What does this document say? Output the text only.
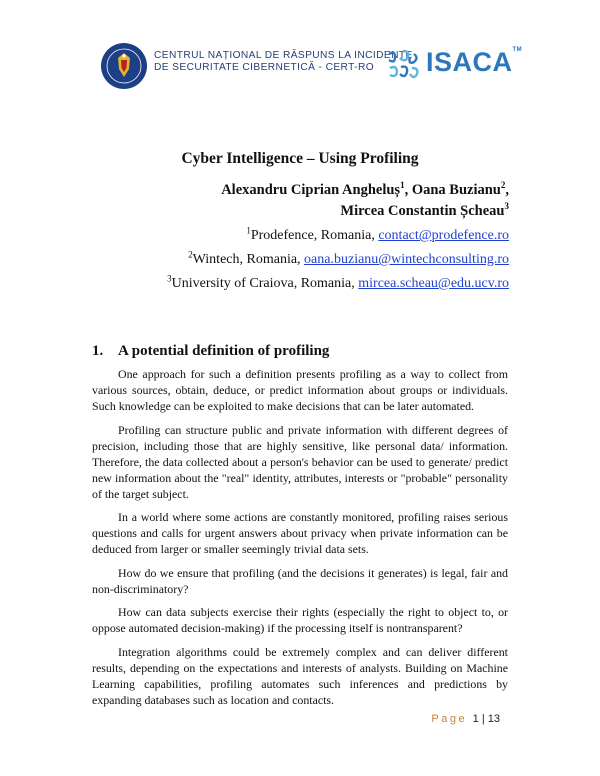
CENTRUL NAȚIONAL DE RĂSPUNS LA INCIDENTE
DE SECURITATE CIBERNETICĂ - CERT-RO	ISACA™
Cyber Intelligence – Using Profiling
Alexandru Ciprian Angheluș$^1$, Oana Buzianu$^2$,
Mircea Constantin Șcheau$^3$
$^1$Prodefence, Romania, contact@prodefence.ro
$^2$Wintech, Romania, oana.buzianu@wintechconsulting.ro
$^3$University of Craiova, Romania, mircea.scheau@edu.ucv.ro
1. A potential definition of profiling

One approach for such a definition presents profiling as a way to collect from various sources, obtain, deduce, or predict information about groups or individuals. Such knowledge can be exploited to make decisions that can be later automated.

Profiling can structure public and private information with different degrees of precision, including those that are highly sensitive, like personal data/ information. Therefore, the data collected about a person's behavior can be used to generate/ predict new information about the "real" identity, attributes, interests or "probable" personality of the target subject.

In a world where some actions are constantly monitored, profiling raises serious questions and calls for urgent answers about privacy when private information can be deduced from larger or smaller seemingly trivial data sets.

How do we ensure that profiling (and the decisions it generates) is legal, fair and non-discriminatory?

How can data subjects exercise their rights (especially the right to object to, or oppose automated decision-making) if the processing itself is nontransparent?

Integration algorithms could be extremely complex and can deliver different results, depending on the expectations and interests of analysts. Building on Machine Learning capabilities, profiling automates such inferences and predictions by expanding databases such as location and contacts.

Page 1 | 13
